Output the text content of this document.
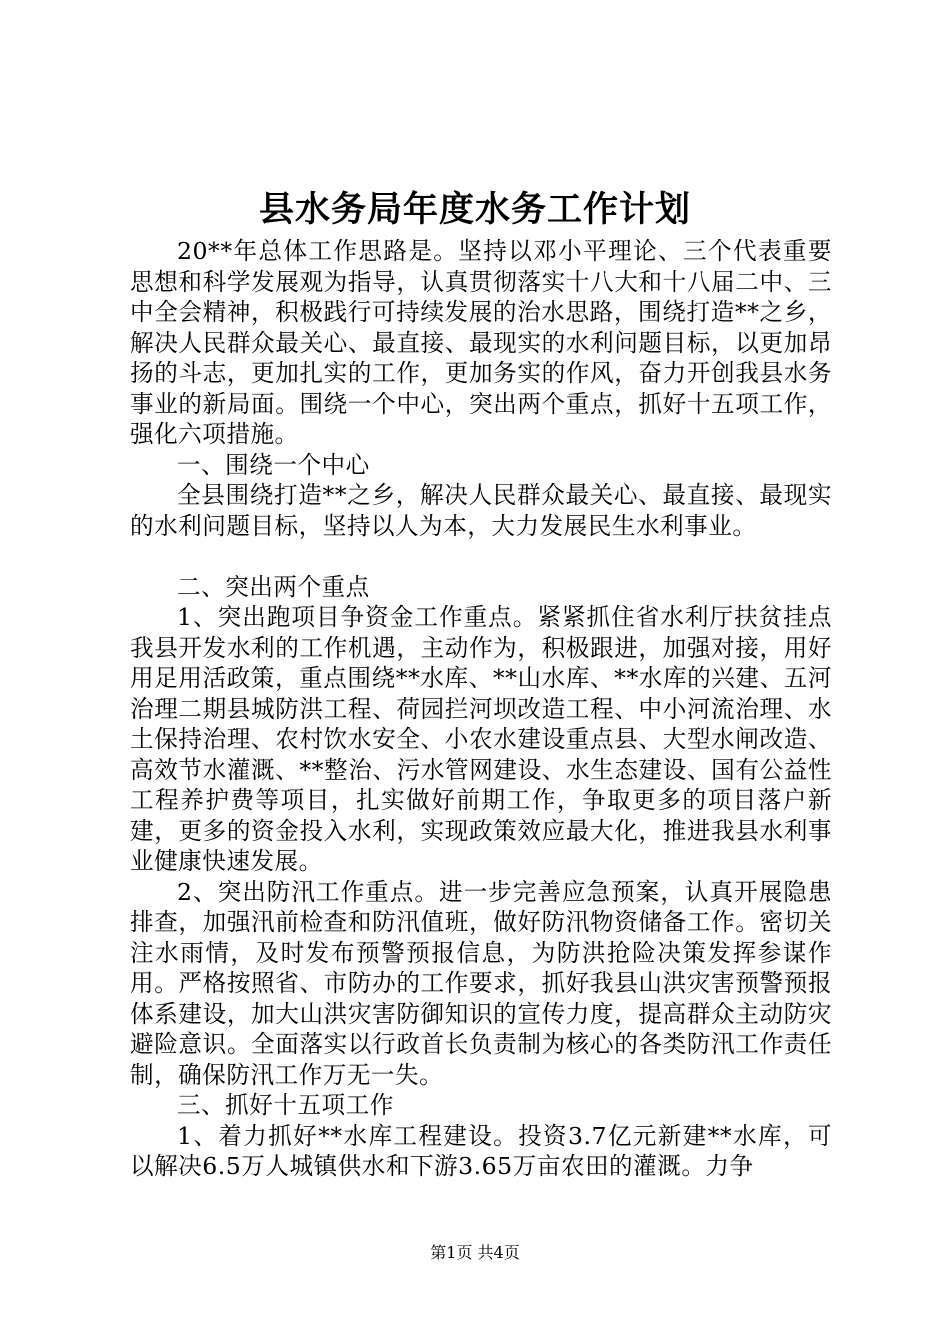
县水务局年度水务工作计划

20**年总体工作思路是。坚持以邓小平理论、三个代表重要思想和科学发展观为指导，认真贯彻落实十八大和十八届二中、三中全会精神，积极践行可持续发展的治水思路，围绕打造**之乡，解决人民群众最关心、最直接、最现实的水利问题目标，以更加昂扬的斗志，更加扎实的工作，更加务实的作风，奋力开创我县水务事业的新局面。围绕一个中心，突出两个重点，抓好十五项工作，强化六项措施。

一、围绕一个中心

全县围绕打造**之乡，解决人民群众最关心、最直接、最现实的水利问题目标，坚持以人为本，大力发展民生水利事业。

二、突出两个重点

1、突出跑项目争资金工作重点。紧紧抓住省水利厅扶贫挂点我县开发水利的工作机遇，主动作为，积极跟进，加强对接，用好用足用活政策，重点围绕**水库、**山水库、**水库的兴建、五河治理二期县城防洪工程、荷园拦河坝改造工程、中小河流治理、水土保持治理、农村饮水安全、小农水建设重点县、大型水闸改造、高效节水灌溉、**整治、污水管网建设、水生态建设、国有公益性工程养护费等项目，扎实做好前期工作，争取更多的项目落户新建，更多的资金投入水利，实现政策效应最大化，推进我县水利事业健康快速发展。

2、突出防汛工作重点。进一步完善应急预案，认真开展隐患排查，加强汛前检查和防汛值班，做好防汛物资储备工作。密切关注水雨情，及时发布预警预报信息，为防洪抢险决策发挥参谋作用。严格按照省、市防办的工作要求，抓好我县山洪灾害预警预报体系建设，加大山洪灾害防御知识的宣传力度，提高群众主动防灾避险意识。全面落实以行政首长负责制为核心的各类防汛工作责任制，确保防汛工作万无一失。

三、抓好十五项工作

1、着力抓好**水库工程建设。投资3.7亿元新建**水库，可以解决6.5万人城镇供水和下游3.65万亩农田的灌溉。力争

第1页 共4页
